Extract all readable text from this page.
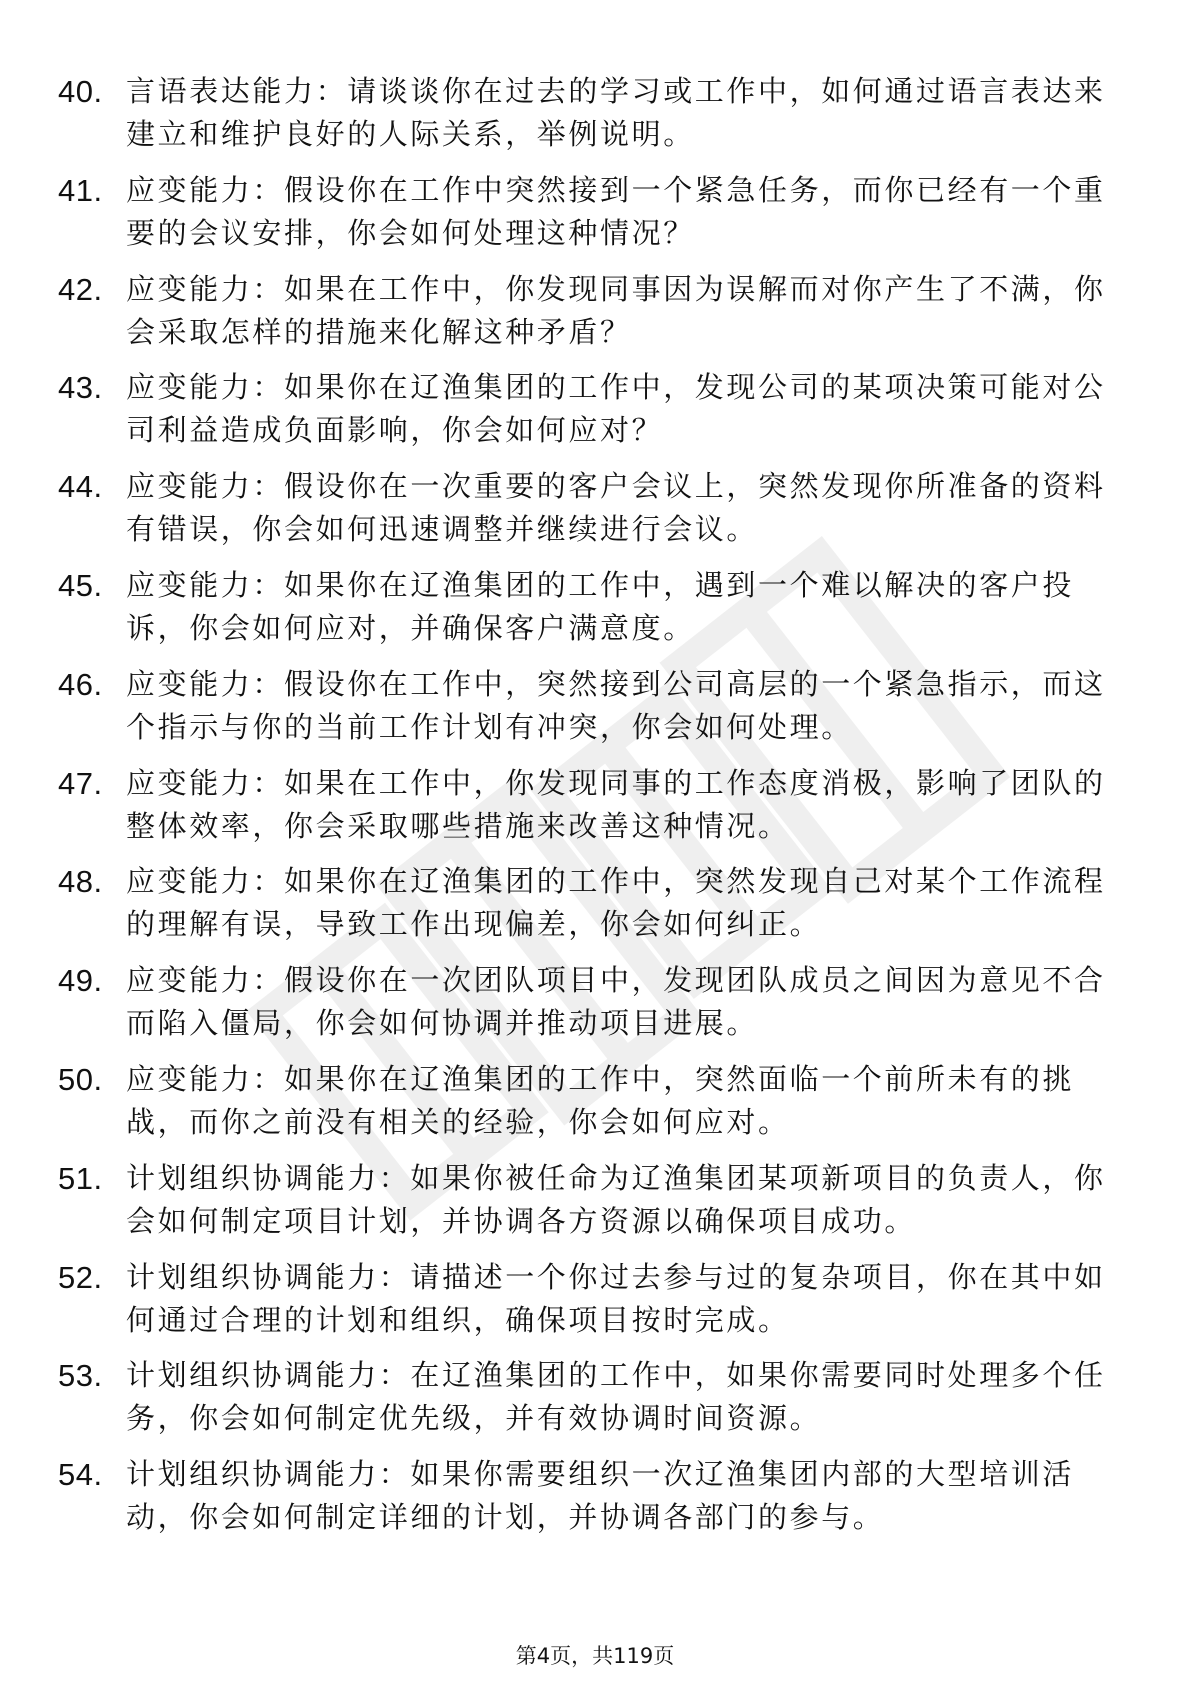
40. 言语表达能力：请谈谈你在过去的学习或工作中，如何通过语言表达来建立和维护良好的人际关系，举例说明。
41. 应变能力：假设你在工作中突然接到一个紧急任务，而你已经有一个重要的会议安排，你会如何处理这种情况？
42. 应变能力：如果在工作中，你发现同事因为误解而对你产生了不满，你会采取怎样的措施来化解这种矛盾？
43. 应变能力：如果你在辽渔集团的工作中，发现公司的某项决策可能对公司利益造成负面影响，你会如何应对？
44. 应变能力：假设你在一次重要的客户会议上，突然发现你所准备的资料有错误，你会如何迅速调整并继续进行会议。
45. 应变能力：如果你在辽渔集团的工作中，遇到一个难以解决的客户投诉，你会如何应对，并确保客户满意度。
46. 应变能力：假设你在工作中，突然接到公司高层的一个紧急指示，而这个指示与你的当前工作计划有冲突，你会如何处理。
47. 应变能力：如果在工作中，你发现同事的工作态度消极，影响了团队的整体效率，你会采取哪些措施来改善这种情况。
48. 应变能力：如果你在辽渔集团的工作中，突然发现自己对某个工作流程的理解有误，导致工作出现偏差，你会如何纠正。
49. 应变能力：假设你在一次团队项目中，发现团队成员之间因为意见不合而陷入僵局，你会如何协调并推动项目进展。
50. 应变能力：如果你在辽渔集团的工作中，突然面临一个前所未有的挑战，而你之前没有相关的经验，你会如何应对。
51. 计划组织协调能力：如果你被任命为辽渔集团某项新项目的负责人，你会如何制定项目计划，并协调各方资源以确保项目成功。
52. 计划组织协调能力：请描述一个你过去参与过的复杂项目，你在其中如何通过合理的计划和组织，确保项目按时完成。
53. 计划组织协调能力：在辽渔集团的工作中，如果你需要同时处理多个任务，你会如何制定优先级，并有效协调时间资源。
54. 计划组织协调能力：如果你需要组织一次辽渔集团内部的大型培训活动，你会如何制定详细的计划，并协调各部门的参与。
第4页，共119页
